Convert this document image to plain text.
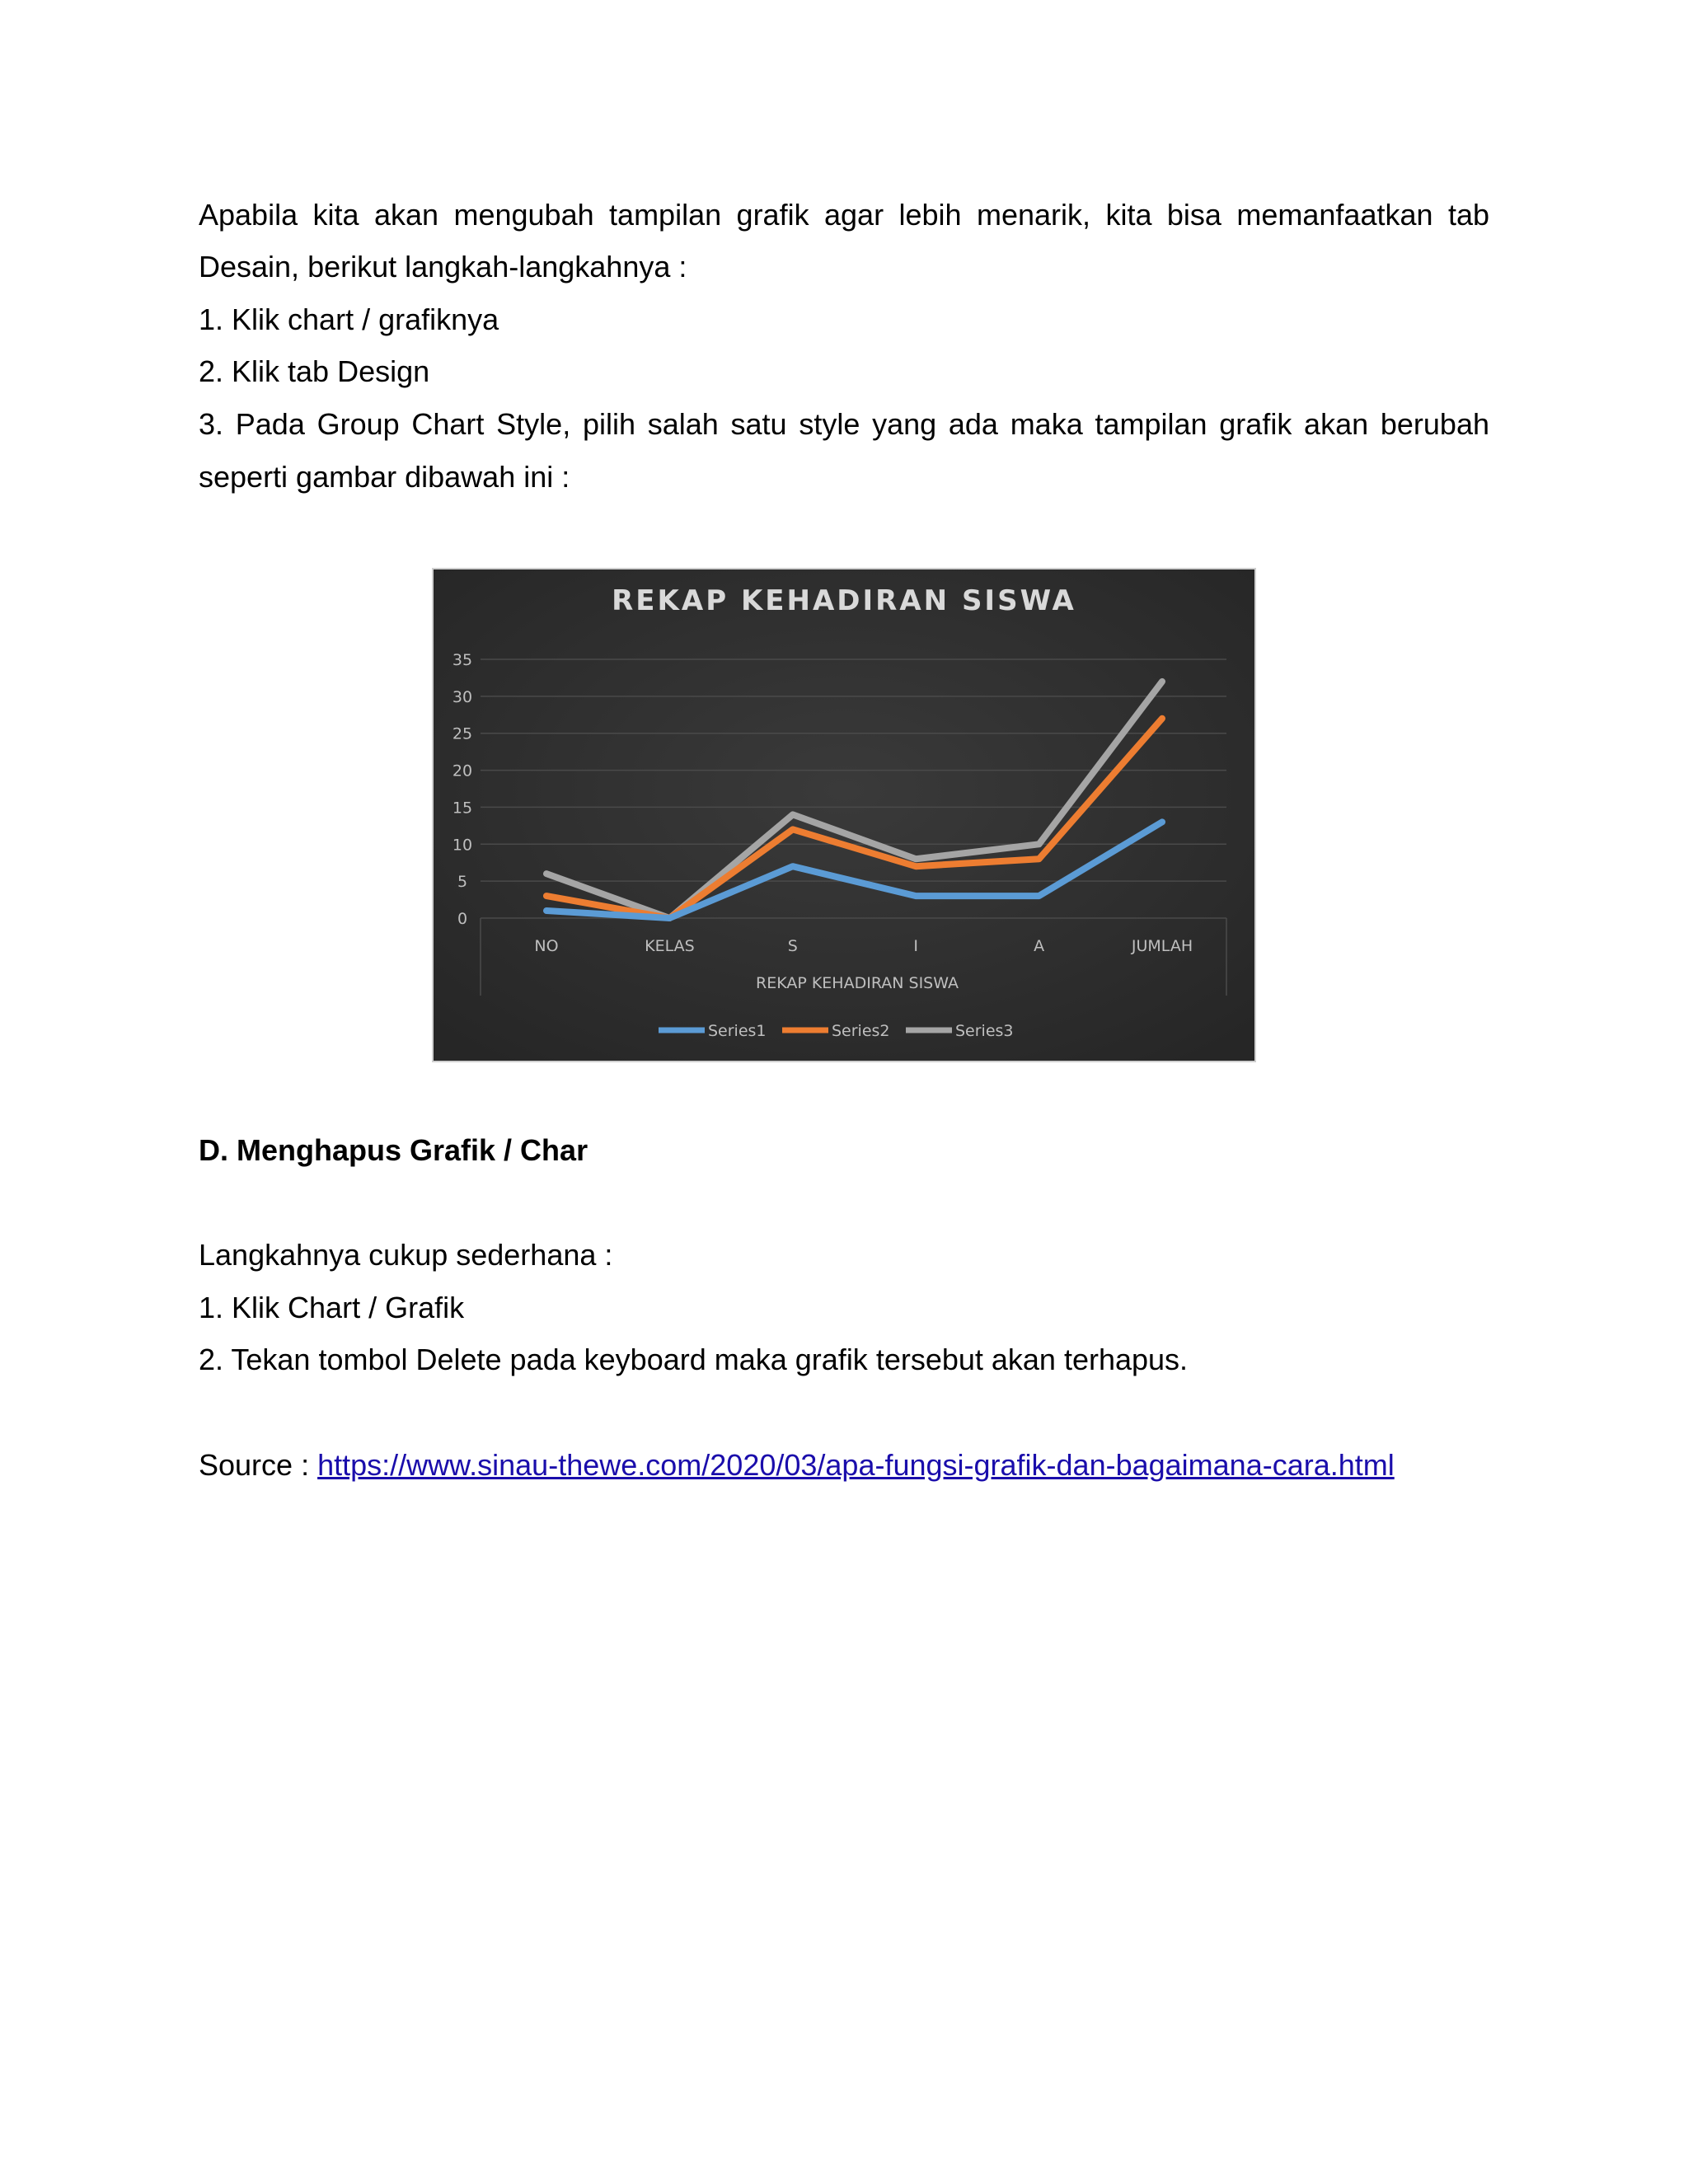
Apabila kita akan mengubah tampilan grafik agar lebih menarik, kita bisa memanfaatkan tab
Desain, berikut langkah-langkahnya :
1. Klik chart / grafiknya
2. Klik tab Design
3. Pada Group Chart Style, pilih salah satu style yang ada maka tampilan grafik akan berubah
seperti gambar dibawah ini :
REKAP KEHADIRAN SISWA
0
5
10
15
20
25
30
35
NO	KELAS	S	I	A	JUMLAH
REKAP KEHADIRAN SISWA
Series1	Series2	Series3
D. Menghapus Grafik / Char
Langkahnya cukup sederhana :
1. Klik Chart / Grafik
2. Tekan tombol Delete pada keyboard maka grafik tersebut akan terhapus.
Source : https://www.sinau-thewe.com/2020/03/apa-fungsi-grafik-dan-bagaimana-cara.html
